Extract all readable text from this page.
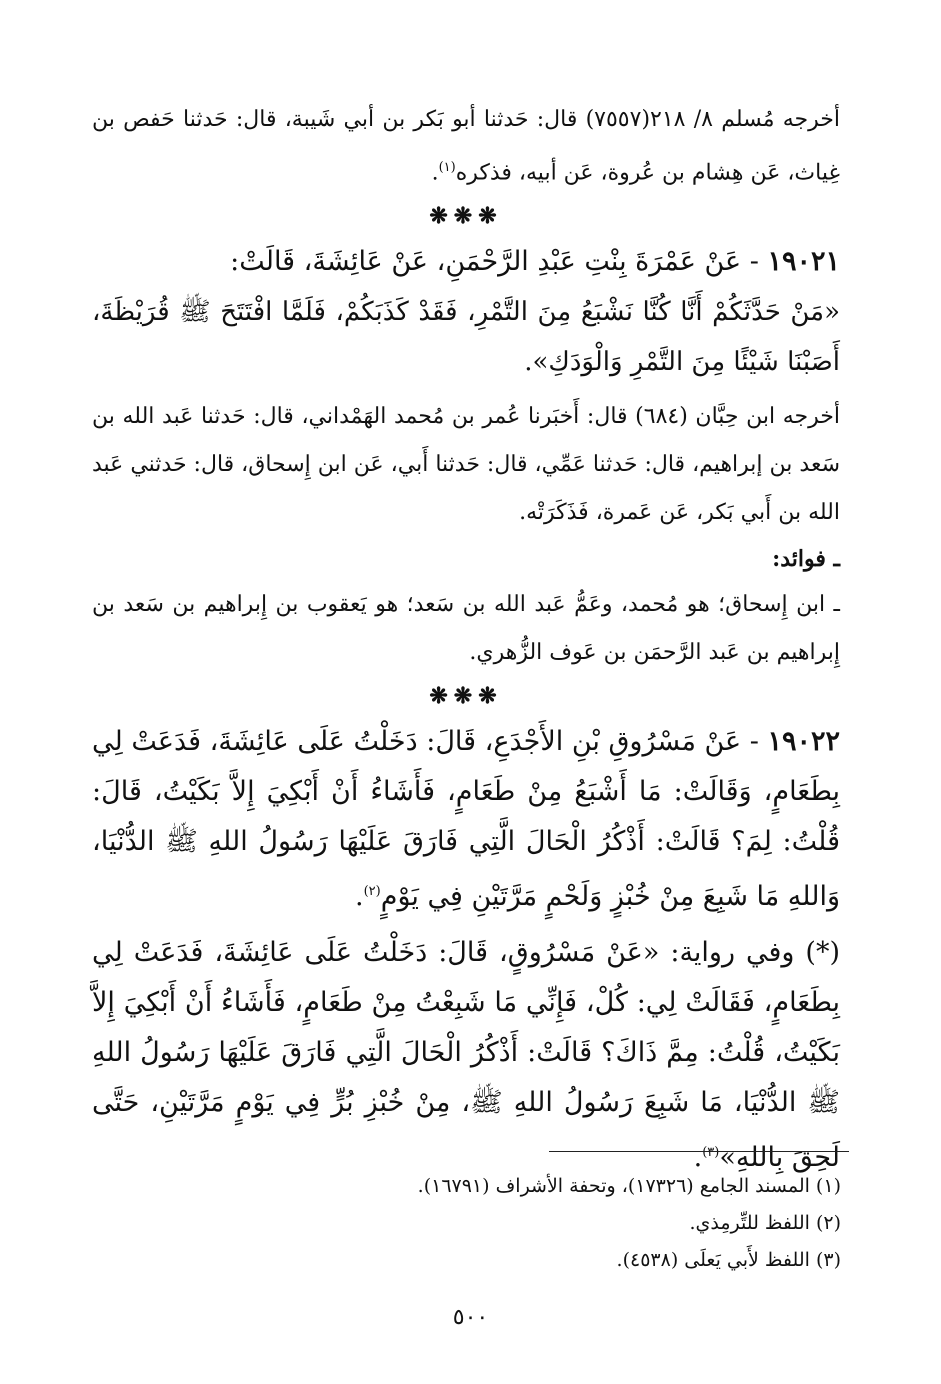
أخرجه مُسلم ٨/ ٢١٨(٧٥٥٧) قال: حَدثنا أبو بَكر بن أبي شَيبة، قال: حَدثنا حَفص بن غِياث، عَن هِشام بن عُروة، عَن أبيه، فذكره$^{(١)}$.

❋❋❋

١٩٠٢١ - عَنْ عَمْرَةَ بِنْتِ عَبْدِ الرَّحْمَنِ، عَنْ عَائِشَةَ، قَالَتْ:

«مَنْ حَدَّثَكُمْ أَنَّا كُنَّا نَشْبَعُ مِنَ التَّمْرِ، فَقَدْ كَذَبَكُمْ، فَلَمَّا افْتَتَحَ ﷺ قُرَيْظَةَ، أَصَبْنَا شَيْئًا مِنَ التَّمْرِ وَالْوَدَكِ».

أخرجه ابن حِبَّان (٦٨٤) قال: أَخبَرنا عُمر بن مُحمد الهَمْداني، قال: حَدثنا عَبد الله بن سَعد بن إبراهيم، قال: حَدثنا عَمِّي، قال: حَدثنا أَبي، عَن ابن إِسحاق، قال: حَدثني عَبد الله بن أَبي بَكر، عَن عَمرة، فَذَكَرَتْه.

ـ فوائد:

ـ ابن إِسحاق؛ هو مُحمد، وعَمُّ عَبد الله بن سَعد؛ هو يَعقوب بن إِبراهيم بن سَعد بن إِبراهيم بن عَبد الرَّحمَن بن عَوف الزُّهري.

❋❋❋

١٩٠٢٢ - عَنْ مَسْرُوقِ بْنِ الأَجْدَعِ، قَالَ: دَخَلْتُ عَلَى عَائِشَةَ، فَدَعَتْ لِي بِطَعَامٍ، وَقَالَتْ: مَا أَشْبَعُ مِنْ طَعَامٍ، فَأَشَاءُ أَنْ أَبْكِيَ إِلاَّ بَكَيْتُ، قَالَ: قُلْتُ: لِمَ؟ قَالَتْ: أَذْكُرُ الْحَالَ الَّتِي فَارَقَ عَلَيْهَا رَسُولُ اللهِ ﷺ الدُّنْيَا، وَاللهِ مَا شَبِعَ مِنْ خُبْزٍ وَلَحْمٍ مَرَّتَيْنِ فِي يَوْمٍ$^{(٢)}$.

(*) وفي رواية: «عَنْ مَسْرُوقٍ، قَالَ: دَخَلْتُ عَلَى عَائِشَةَ، فَدَعَتْ لِي بِطَعَامٍ، فَقَالَتْ لِي: كُلْ، فَإِنِّي مَا شَبِعْتُ مِنْ طَعَامٍ، فَأَشَاءُ أَنْ أَبْكِيَ إِلاَّ بَكَيْتُ، قُلْتُ: مِمَّ ذَاكَ؟ قَالَتْ: أَذْكُرُ الْحَالَ الَّتِي فَارَقَ عَلَيْهَا رَسُولُ اللهِ ﷺ الدُّنْيَا، مَا شَبِعَ رَسُولُ اللهِ ﷺ، مِنْ خُبْزِ بُرٍّ فِي يَوْمٍ مَرَّتَيْنِ، حَتَّى لَحِقَ بِاللهِ»$^{(٣)}$.

(١) المسند الجامع (١٧٣٢٦)، وتحفة الأشراف (١٦٧٩١).

(٢) اللفظ للتِّرمِذي.

(٣) اللفظ لأَبي يَعلَى (٤٥٣٨).

٥٠٠
